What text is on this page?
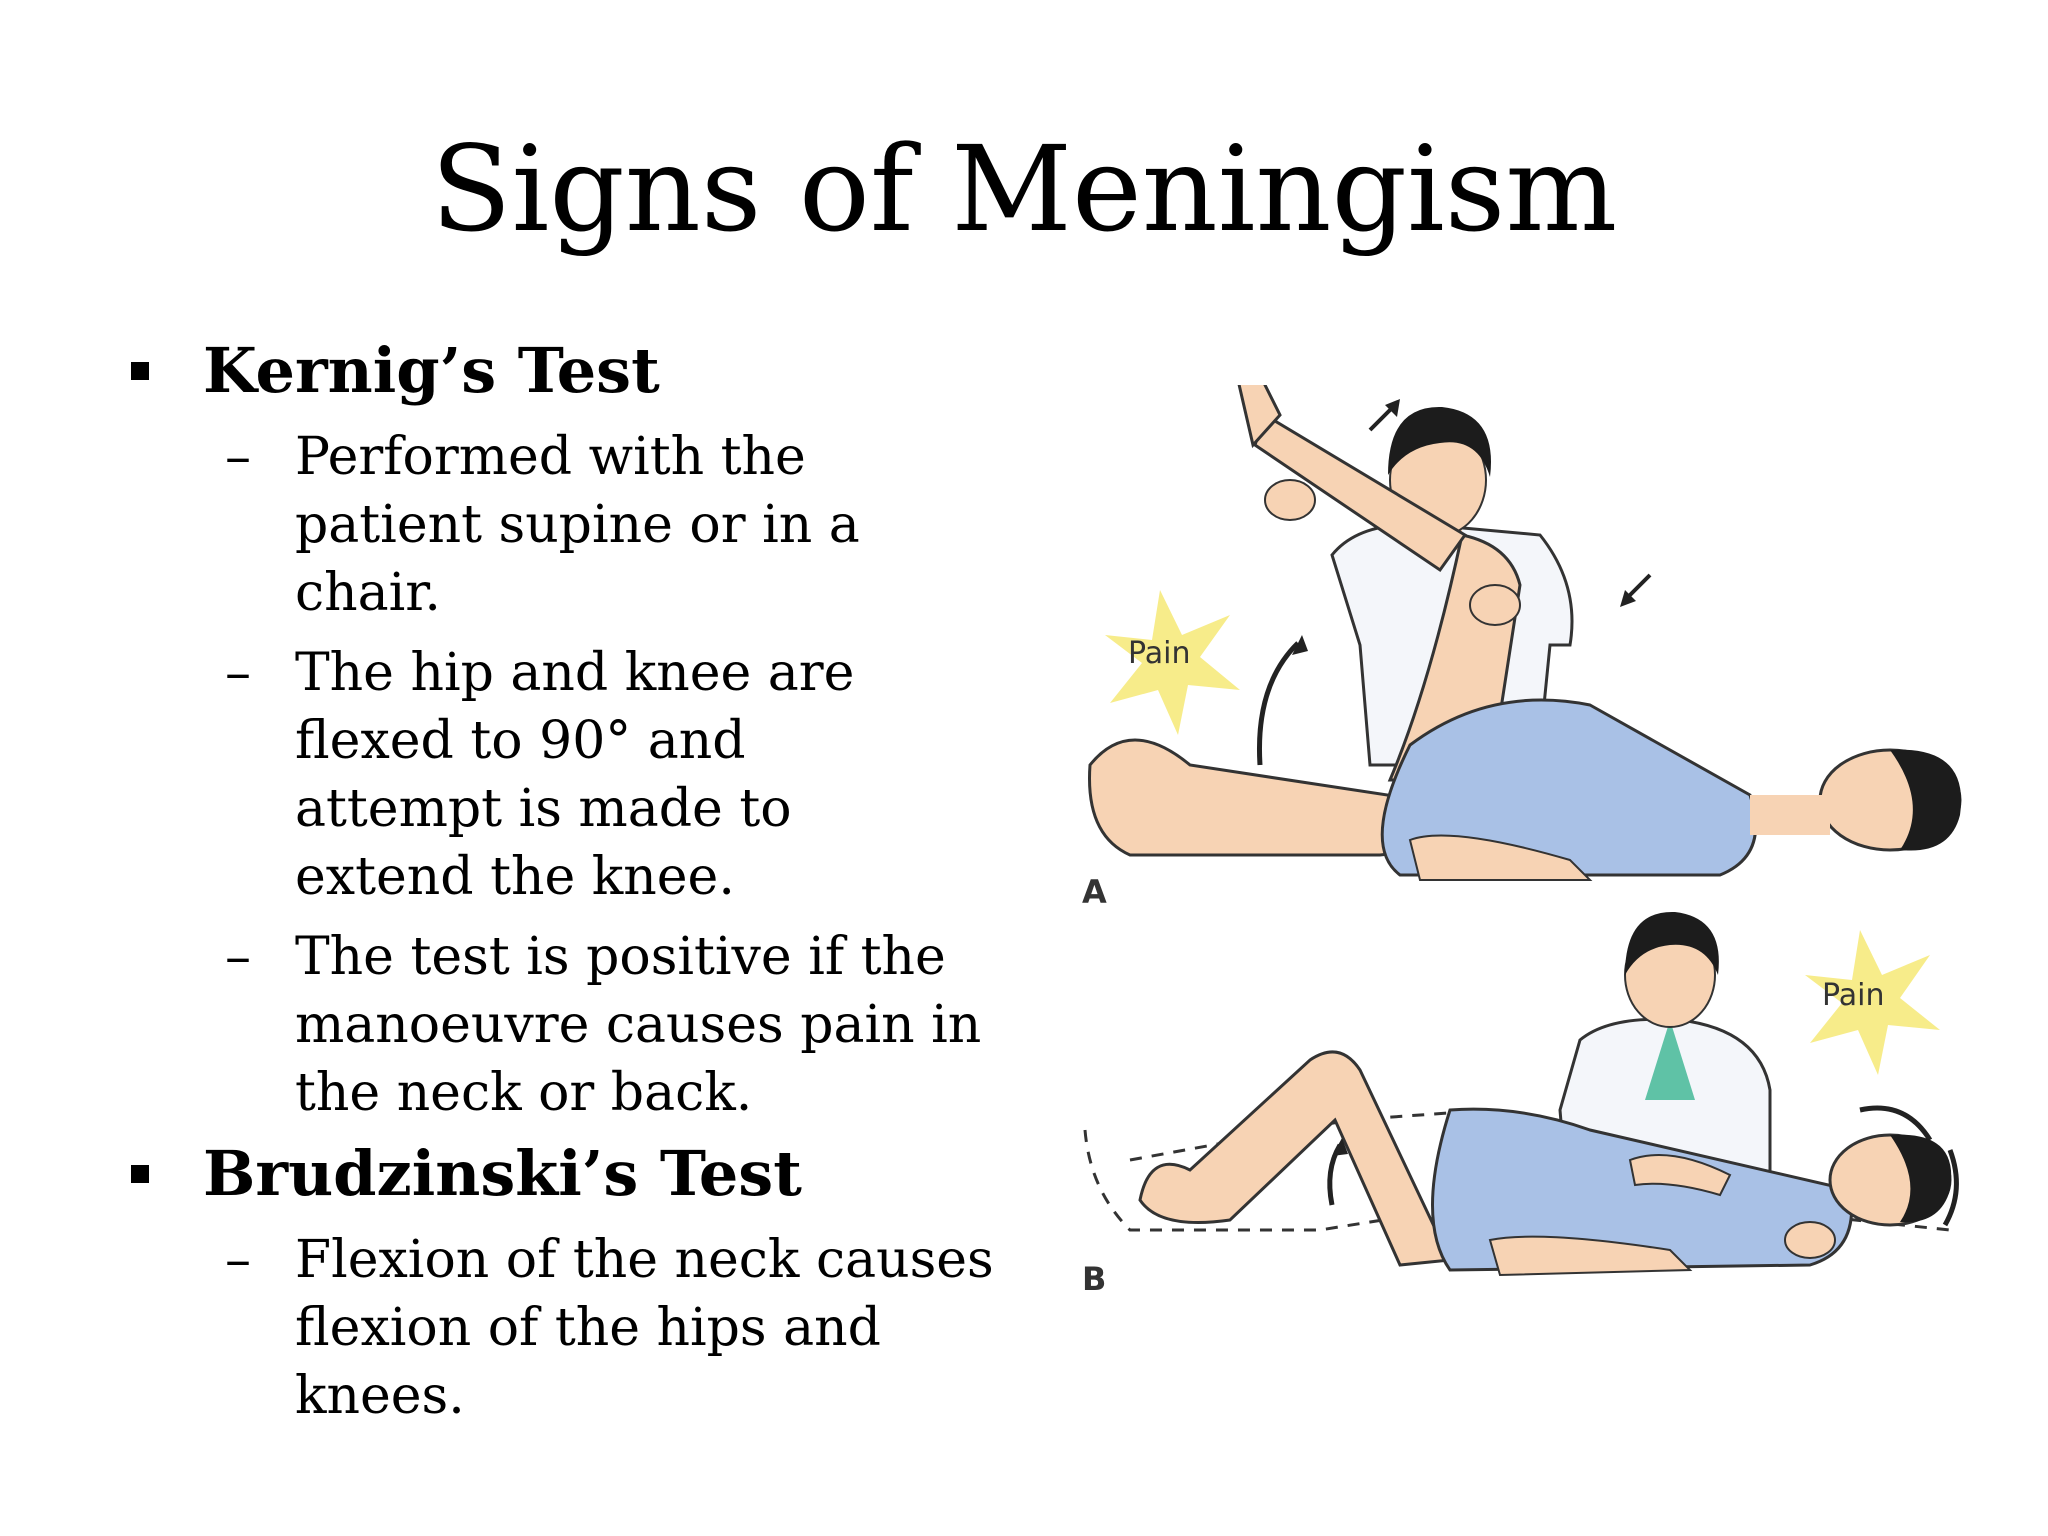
Signs of Meningism
Kernig’s Test
– Performed with the patient supine or in a chair.
– The hip and knee are flexed to 90° and attempt is made to extend the knee.
– The test is positive if the manoeuvre causes pain in the neck or back.
Brudzinski’s Test
– Flexion of the neck causes flexion of the hips and knees.
Pain
A
Pain
B
